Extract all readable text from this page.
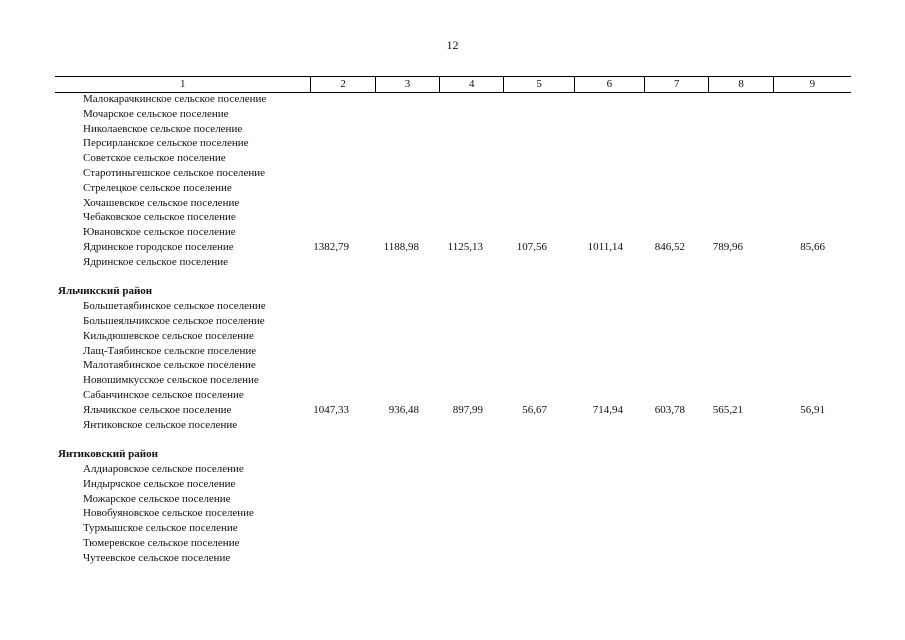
12
1	2	3	4	5	6	7	8	9
Малокарачкинское сельское поселение
Мочарское сельское поселение
Николаевское сельское поселение
Персирланское сельское поселение
Советское сельское поселение
Старотиньгешское сельское поселение
Стрелецкое сельское поселение
Хочашевское сельское поселение
Чебаковское сельское поселение
Ювановское сельское поселение
Ядринское городское поселение	1382,79	1188,98	1125,13	107,56	1011,14	846,52	789,96	85,66
Ядринское сельское поселение
Яльчикский район
Большетаябинское сельское поселение
Большеяльчикское сельское поселение
Кильдюшевское сельское поселение
Лащ-Таябинское сельское поселение
Малотаябинское сельское поселение
Новошимкусское сельское поселение
Сабанчинское сельское поселение
Яльчикское сельское поселение	1047,33	936,48	897,99	56,67	714,94	603,78	565,21	56,91
Янтиковское сельское поселение
Янтиковский район
Алдиаровское сельское поселение
Индырчское сельское поселение
Можарское сельское поселение
Новобуяновское сельское поселение
Турмышское сельское поселение
Тюмеревское сельское поселение
Чутеевское сельское поселение
